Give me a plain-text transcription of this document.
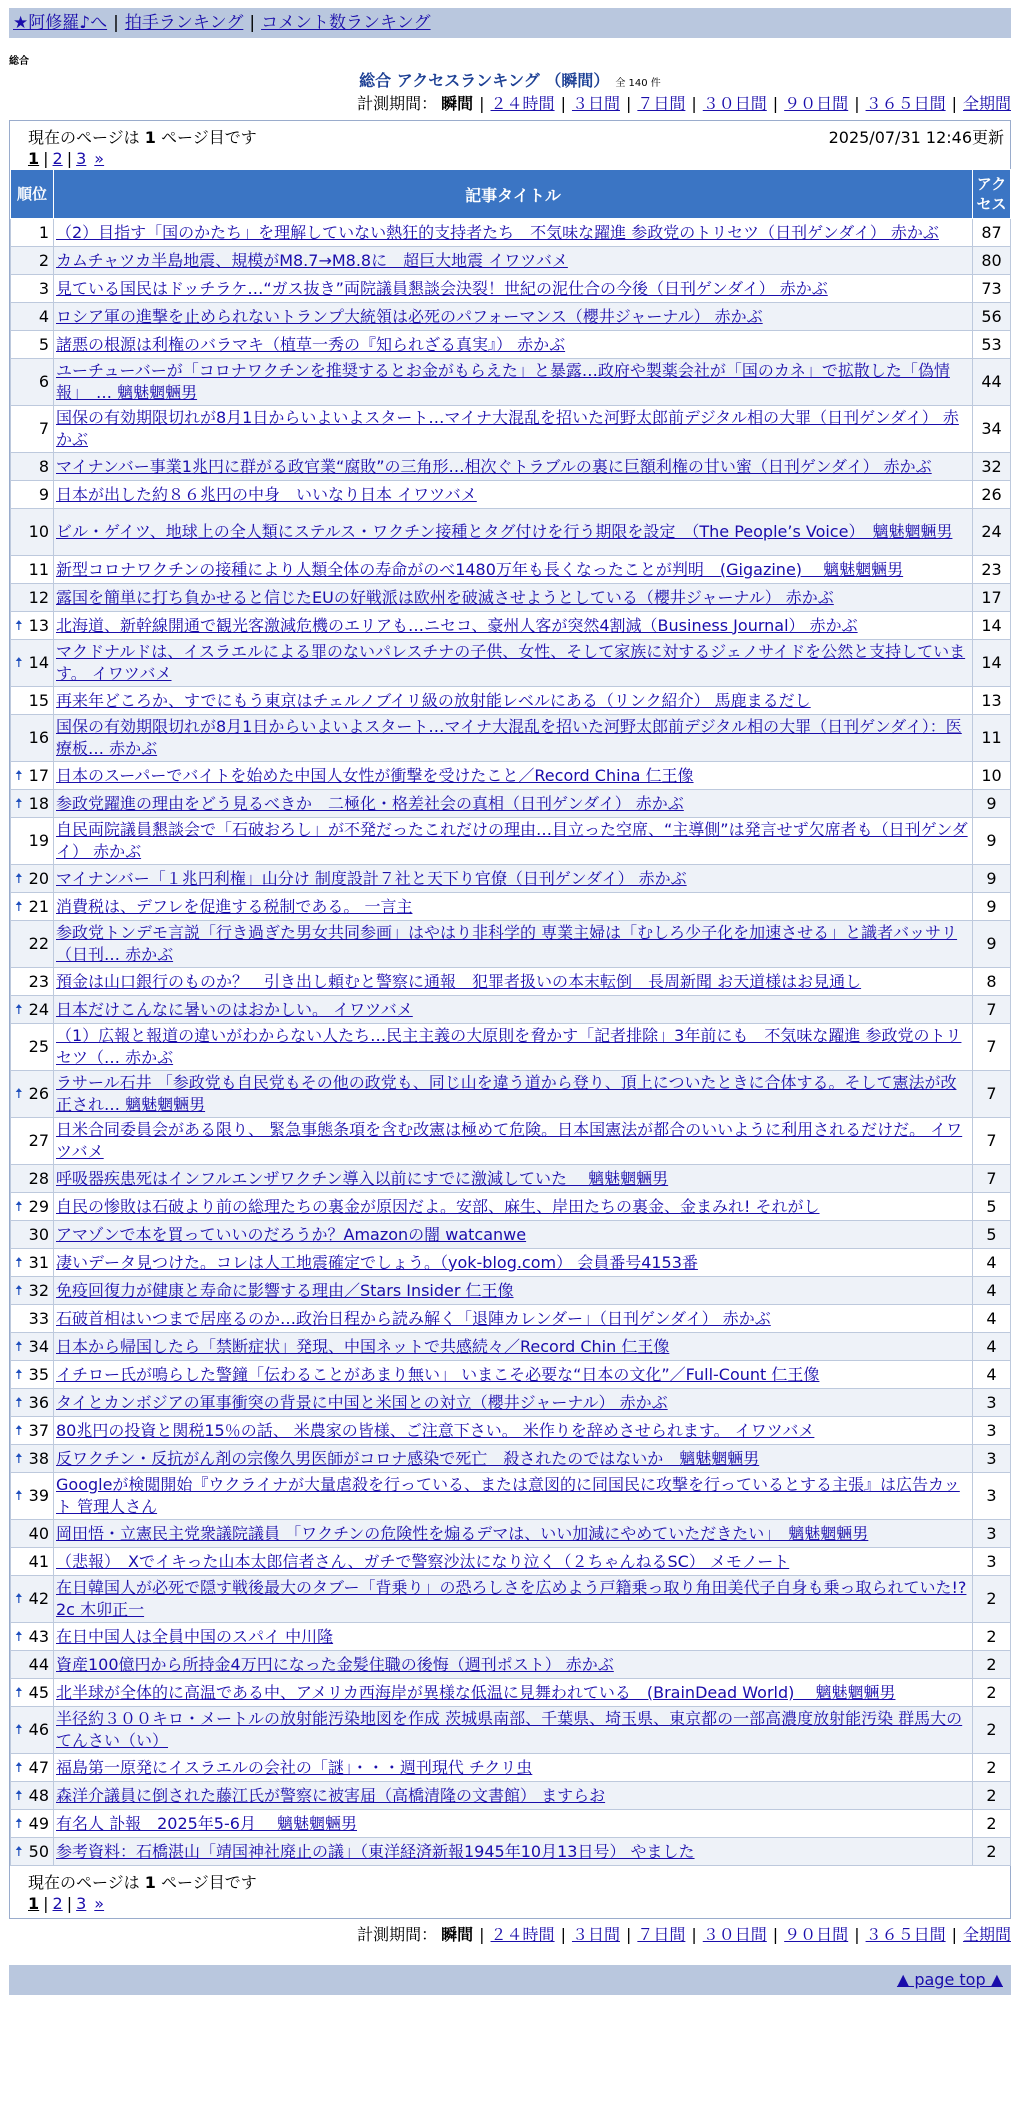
★阿修羅♪へ | 拍手ランキング | コメント数ランキング
総合
総合 アクセスランキング （瞬間） 全 140 件
計測期間： 瞬間 | ２４時間 | ３日間 | ７日間 | ３０日間 | ９０日間 | ３６５日間 | 全期間
現在のページは 1 ページ目です	2025/07/31 12:46更新
1 | 2 | 3 »
順位	記事タイトル	アクセス
1	（2）目指す「国のかたち」を理解していない熱狂的支持者たち　不気味な躍進 参政党のトリセツ（日刊ゲンダイ） 赤かぶ	87
2	カムチャツカ半島地震、規模がM8.7→M8.8に　超巨大地震 イワツバメ	80
3	見ている国民はドッチラケ…“ガス抜き”両院議員懇談会決裂！世紀の泥仕合の今後（日刊ゲンダイ） 赤かぶ	73
4	ロシア軍の進撃を止められないトランプ大統領は必死のパフォーマンス（櫻井ジャーナル） 赤かぶ	56
5	諸悪の根源は利権のバラマキ（植草一秀の『知られざる真実』） 赤かぶ	53
6	ユーチューバーが「コロナワクチンを推奨するとお金がもらえた」と暴露…政府や製薬会社が「国のカネ」で拡散した「偽情報」　… 魑魅魍魎男	44
7	国保の有効期限切れが8月1日からいよいよスタート…マイナ大混乱を招いた河野太郎前デジタル相の大罪（日刊ゲンダイ） 赤かぶ	34
8	マイナンバー事業1兆円に群がる政官業“腐敗”の三角形…相次ぐトラブルの裏に巨額利権の甘い蜜（日刊ゲンダイ） 赤かぶ	32
9	日本が出した約８６兆円の中身　いいなり日本 イワツバメ	26
10	ビル・ゲイツ、地球上の全人類にステルス・ワクチン接種とタグ付けを行う期限を設定　（The People’s Voice）　魑魅魍魎男	24
11	新型コロナワクチンの接種により人類全体の寿命がのべ1480万年も長くなったことが判明　(Gigazine)　 魑魅魍魎男	23
12	露国を簡単に打ち負かせると信じたEUの好戦派は欧州を破滅させようとしている（櫻井ジャーナル） 赤かぶ	17

🠅 13	北海道、新幹線開通で観光客激減危機のエリアも…ニセコ、豪州人客が突然4割減（Business Journal） 赤かぶ	14

🠅 14	マクドナルドは、イスラエルによる罪のないパレスチナの子供、女性、そして家族に対するジェノサイドを公然と支持しています。 イワツバメ	14
15	再来年どころか、すでにもう東京はチェルノブイリ級の放射能レベルにある（リンク紹介） 馬鹿まるだし	13
16	国保の有効期限切れが8月1日からいよいよスタート…マイナ大混乱を招いた河野太郎前デジタル相の大罪（日刊ゲンダイ）：医療板… 赤かぶ	11

🠅 17	日本のスーパーでバイトを始めた中国人女性が衝撃を受けたこと／Record China 仁王像	10

🠅 18	参政党躍進の理由をどう見るべきか　二極化・格差社会の真相（日刊ゲンダイ） 赤かぶ	9
19	自民両院議員懇談会で「石破おろし」が不発だったこれだけの理由…目立った空席、“主導側”は発言せず欠席者も（日刊ゲンダイ） 赤かぶ	9

🠅 20	マイナンバー「１兆円利権」山分け 制度設計７社と天下り官僚（日刊ゲンダイ） 赤かぶ	9

🠅 21	消費税は、デフレを促進する税制である。 一言主	9
22	参政党トンデモ言説「行き過ぎた男女共同参画」はやはり非科学的 専業主婦は「むしろ少子化を加速させる」と識者バッサリ（日刊… 赤かぶ	9
23	預金は山口銀行のものか？　引き出し頼むと警察に通報　犯罪者扱いの本末転倒　長周新聞 お天道様はお見通し	8

🠅 24	日本だけこんなに暑いのはおかしい。 イワツバメ	7
25	（1）広報と報道の違いがわからない人たち…民主主義の大原則を脅かす「記者排除」3年前にも　不気味な躍進 参政党のトリセツ（… 赤かぶ	7

🠅 26	ラサール石井 「参政党も自民党もその他の政党も、同じ山を違う道から登り、頂上についたときに合体する。そして憲法が改正され… 魑魅魍魎男	7
27	日米合同委員会がある限り、 緊急事態条項を含む改憲は極めて危険。日本国憲法が都合のいいように利用されるだけだ。 イワツバメ	7
28	呼吸器疾患死はインフルエンザワクチン導入以前にすでに激減していた　 魑魅魍魎男	7

🠅 29	自民の惨敗は石破より前の総理たちの裏金が原因だよ。安部、麻生、岸田たちの裏金、金まみれ! それがし	5
30	アマゾンで本を買っていいのだろうか？Amazonの闇 watcanwe	5

🠅 31	凄いデータ見つけた。コレは人工地震確定でしょう。（yok-blog.com） 会員番号4153番	4

🠅 32	免疫回復力が健康と寿命に影響する理由／Stars Insider 仁王像	4
33	石破首相はいつまで居座るのか…政治日程から読み解く「退陣カレンダー」（日刊ゲンダイ） 赤かぶ	4

🠅 34	日本から帰国したら「禁断症状」発現、中国ネットで共感続々／Record Chin 仁王像	4

🠅 35	イチロー氏が鳴らした警鐘「伝わることがあまり無い」 いまこそ必要な“日本の文化”／Full-Count 仁王像	4

🠅 36	タイとカンボジアの軍事衝突の背景に中国と米国との対立（櫻井ジャーナル） 赤かぶ	3

🠅 37	80兆円の投資と関税15％の話、 米農家の皆様、ご注意下さい。 米作りを辞めさせられます。 イワツバメ	3

🠅 38	反ワクチン・反抗がん剤の宗像久男医師がコロナ感染で死亡　殺されたのではないか　魑魅魍魎男	3

🠅 39	Googleが検閲開始『ウクライナが大量虐殺を行っている、または意図的に同国民に攻撃を行っているとする主張』は広告カット 管理人さん	3
40	岡田悟・立憲民主党衆議院議員 「ワクチンの危険性を煽るデマは、いい加減にやめていただきたい」　魑魅魍魎男	3
41	（悲報）　Xでイキった山本太郎信者さん、ガチで警察沙汰になり泣く（２ちゃんねるSC） メモノート	3

🠅 42	在日韓国人が必死で隠す戦後最大のタブー「背乗り」の恐ろしさを広めよう戸籍乗っ取り角田美代子自身も乗っ取られていた!?2c 木卯正一	2

🠅 43	在日中国人は全員中国のスパイ 中川隆	2
44	資産100億円から所持金4万円になった金髪住職の後悔（週刊ポスト） 赤かぶ	2

🠅 45	北半球が全体的に高温である中、アメリカ西海岸が異様な低温に見舞われている　(BrainDead World)　 魑魅魍魎男	2

🠅 46	半径約３００キロ・メートルの放射能汚染地図を作成 茨城県南部、千葉県、埼玉県、東京都の一部高濃度放射能汚染 群馬大のてんさい（い）	2

🠅 47	福島第一原発にイスラエルの会社の「謎」・・・週刊現代 チクリ虫	2

🠅 48	森洋介議員に倒された藤江氏が警察に被害届（高橋清隆の文書館） ますらお	2

🠅 49	有名人 訃報　2025年5-6月　 魑魅魍魎男	2

🠅 50	参考資料：石橋湛山「靖国神社廃止の議」（東洋経済新報1945年10月13日号） やました	2
現在のページは 1 ページ目です
1 | 2 | 3 »
計測期間： 瞬間 | ２４時間 | ３日間 | ７日間 | ３０日間 | ９０日間 | ３６５日間 | 全期間
▲ page top ▲
